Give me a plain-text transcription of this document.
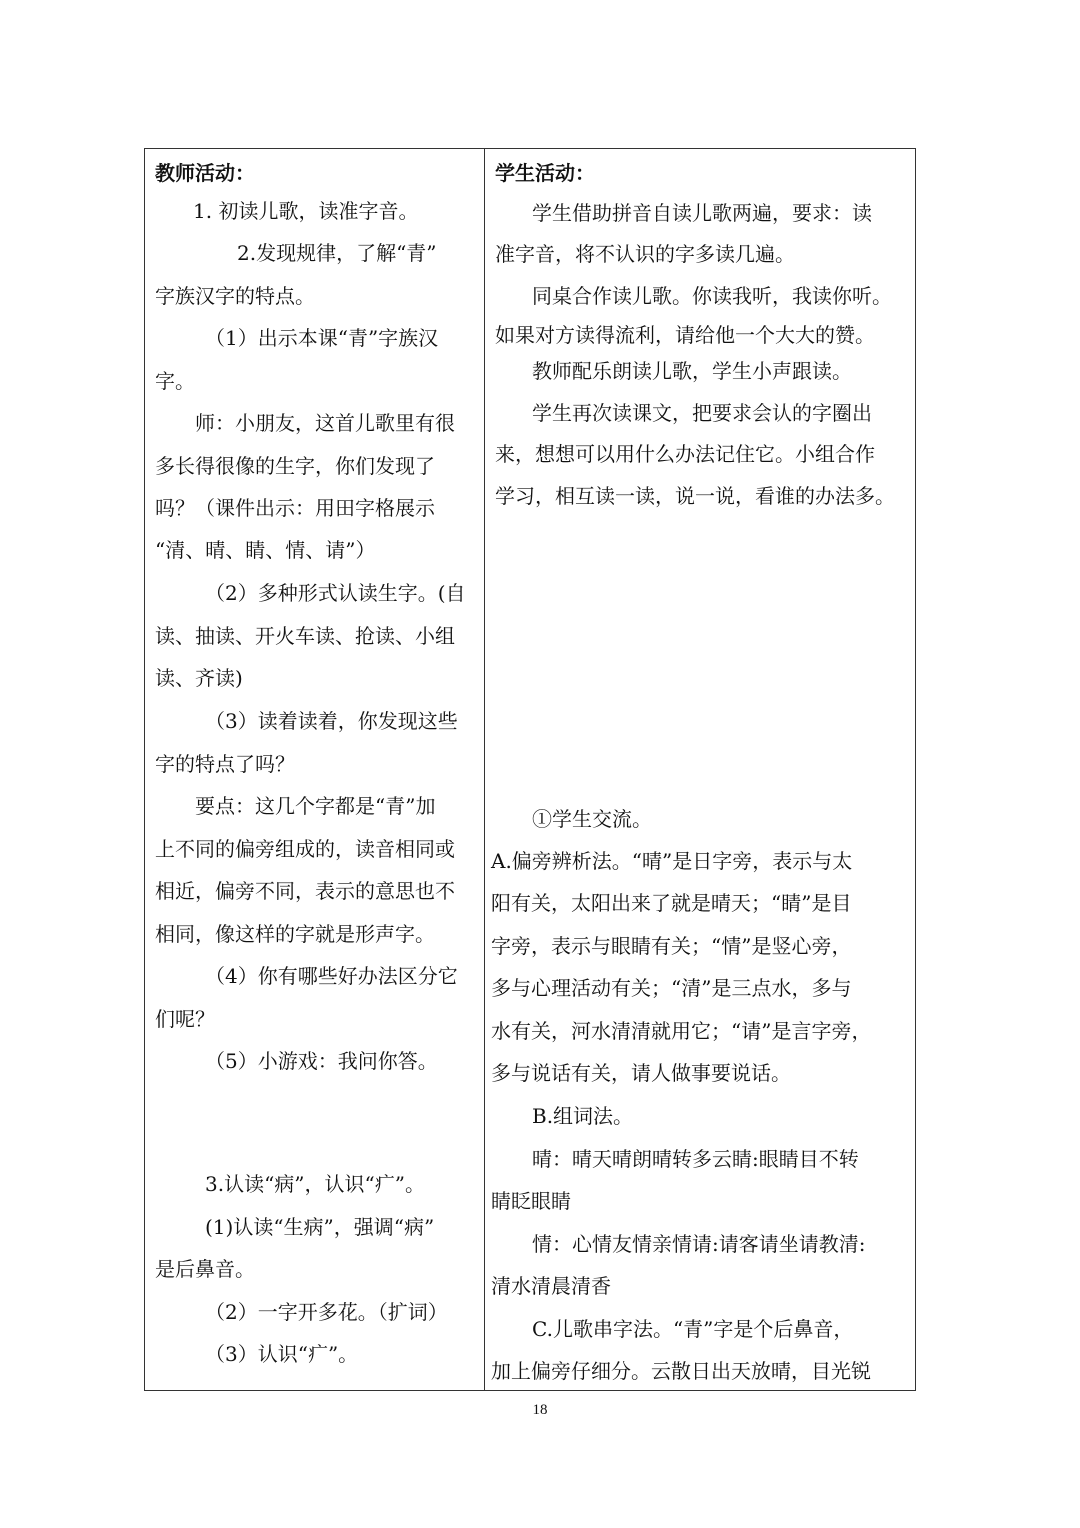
教师活动：
1. 初读儿歌，读准字音。
2.发现规律，了解“青”
字族汉字的特点。
（1）出示本课“青”字族汉
字。
师：小朋友，这首儿歌里有很
多长得很像的生字，你们发现了
吗？（课件出示：用田字格展示
“清、晴、睛、情、请”）
（2）多种形式认读生字。(自
读、抽读、开火车读、抢读、小组
读、齐读)
（3）读着读着，你发现这些
字的特点了吗？
要点：这几个字都是“青”加
上不同的偏旁组成的，读音相同或
相近，偏旁不同，表示的意思也不
相同，像这样的字就是形声字。
（4）你有哪些好办法区分它
们呢？
（5）小游戏：我问你答。
3.认读“病”，认识“疒”。
(1)认读“生病”，强调“病”
是后鼻音。
（2）一字开多花。（扩词）
（3）认识“疒”。
学生活动：
学生借助拼音自读儿歌两遍，要求：读
准字音，将不认识的字多读几遍。
同桌合作读儿歌。你读我听，我读你听。
如果对方读得流利，请给他一个大大的赞。
教师配乐朗读儿歌，学生小声跟读。
学生再次读课文，把要求会认的字圈出
来，想想可以用什么办法记住它。小组合作
学习，相互读一读，说一说，看谁的办法多。
①学生交流。
A.偏旁辨析法。“晴”是日字旁，表示与太
阳有关，太阳出来了就是晴天；“睛”是目
字旁，表示与眼睛有关；“情”是竖心旁，
多与心理活动有关；“清”是三点水，多与
水有关，河水清清就用它；“请”是言字旁，
多与说话有关，请人做事要说话。
B.组词法。
晴：晴天晴朗晴转多云睛:眼睛目不转
睛眨眼睛
情：心情友情亲情请:请客请坐请教清:
清水清晨清香
C.儿歌串字法。“青”字是个后鼻音，
加上偏旁仔细分。云散日出天放晴，目光锐
18
